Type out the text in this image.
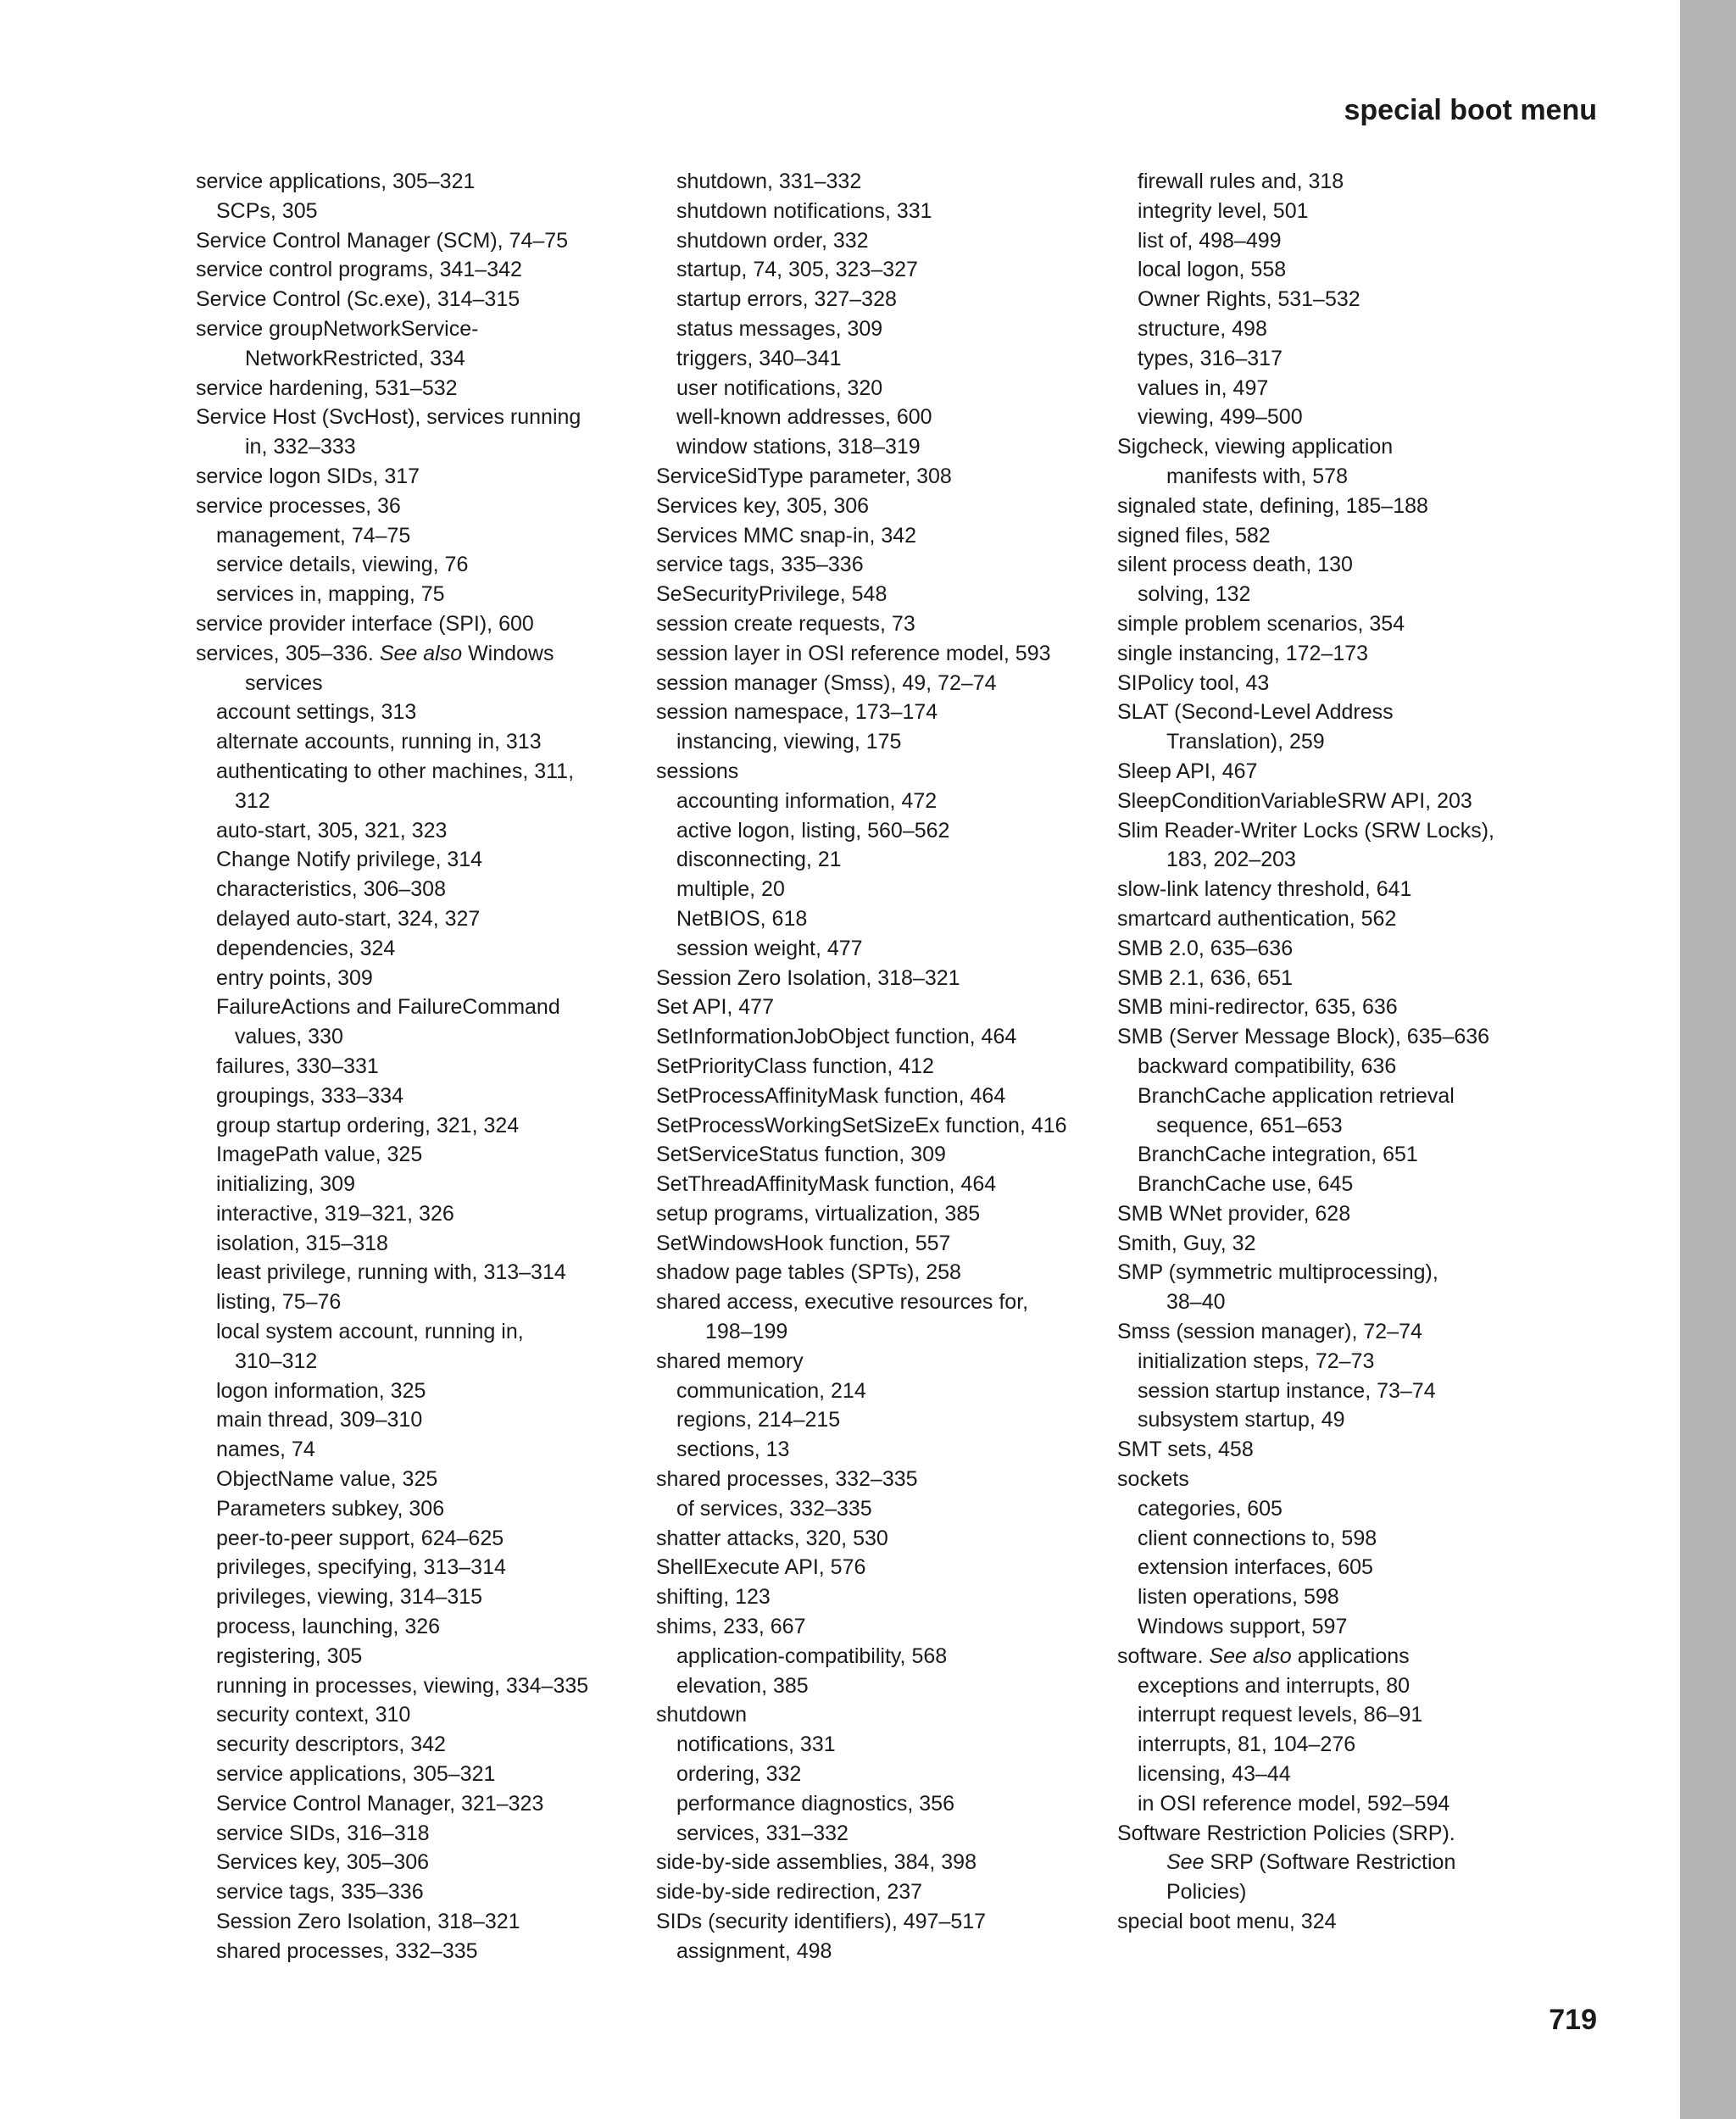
special boot menu
service applications, 305–321
SCPs, 305
Service Control Manager (SCM), 74–75
service control programs, 341–342
Service Control (Sc.exe), 314–315
service groupNetworkService-
NetworkRestricted, 334
service hardening, 531–532
Service Host (SvcHost), services running
in, 332–333
service logon SIDs, 317
service processes, 36
management, 74–75
service details, viewing, 76
services in, mapping, 75
service provider interface (SPI), 600
services, 305–336. See also Windows
services
account settings, 313
alternate accounts, running in, 313
authenticating to other machines, 311,
312
auto-start, 305, 321, 323
Change Notify privilege, 314
characteristics, 306–308
delayed auto-start, 324, 327
dependencies, 324
entry points, 309
FailureActions and FailureCommand
values, 330
failures, 330–331
groupings, 333–334
group startup ordering, 321, 324
ImagePath value, 325
initializing, 309
interactive, 319–321, 326
isolation, 315–318
least privilege, running with, 313–314
listing, 75–76
local system account, running in,
310–312
logon information, 325
main thread, 309–310
names, 74
ObjectName value, 325
Parameters subkey, 306
peer-to-peer support, 624–625
privileges, specifying, 313–314
privileges, viewing, 314–315
process, launching, 326
registering, 305
running in processes, viewing, 334–335
security context, 310
security descriptors, 342
service applications, 305–321
Service Control Manager, 321–323
service SIDs, 316–318
Services key, 305–306
service tags, 335–336
Session Zero Isolation, 318–321
shared processes, 332–335
shutdown, 331–332
shutdown notifications, 331
shutdown order, 332
startup, 74, 305, 323–327
startup errors, 327–328
status messages, 309
triggers, 340–341
user notifications, 320
well-known addresses, 600
window stations, 318–319
ServiceSidType parameter, 308
Services key, 305, 306
Services MMC snap-in, 342
service tags, 335–336
SeSecurityPrivilege, 548
session create requests, 73
session layer in OSI reference model, 593
session manager (Smss), 49, 72–74
session namespace, 173–174
instancing, viewing, 175
sessions
accounting information, 472
active logon, listing, 560–562
disconnecting, 21
multiple, 20
NetBIOS, 618
session weight, 477
Session Zero Isolation, 318–321
Set API, 477
SetInformationJobObject function, 464
SetPriorityClass function, 412
SetProcessAffinityMask function, 464
SetProcessWorkingSetSizeEx function, 416
SetServiceStatus function, 309
SetThreadAffinityMask function, 464
setup programs, virtualization, 385
SetWindowsHook function, 557
shadow page tables (SPTs), 258
shared access, executive resources for,
198–199
shared memory
communication, 214
regions, 214–215
sections, 13
shared processes, 332–335
of services, 332–335
shatter attacks, 320, 530
ShellExecute API, 576
shifting, 123
shims, 233, 667
application-compatibility, 568
elevation, 385
shutdown
notifications, 331
ordering, 332
performance diagnostics, 356
services, 331–332
side-by-side assemblies, 384, 398
side-by-side redirection, 237
SIDs (security identifiers), 497–517
assignment, 498
firewall rules and, 318
integrity level, 501
list of, 498–499
local logon, 558
Owner Rights, 531–532
structure, 498
types, 316–317
values in, 497
viewing, 499–500
Sigcheck, viewing application
manifests with, 578
signaled state, defining, 185–188
signed files, 582
silent process death, 130
solving, 132
simple problem scenarios, 354
single instancing, 172–173
SIPolicy tool, 43
SLAT (Second-Level Address
Translation), 259
Sleep API, 467
SleepConditionVariableSRW API, 203
Slim Reader-Writer Locks (SRW Locks),
183, 202–203
slow-link latency threshold, 641
smartcard authentication, 562
SMB 2.0, 635–636
SMB 2.1, 636, 651
SMB mini-redirector, 635, 636
SMB (Server Message Block), 635–636
backward compatibility, 636
BranchCache application retrieval
sequence, 651–653
BranchCache integration, 651
BranchCache use, 645
SMB WNet provider, 628
Smith, Guy, 32
SMP (symmetric multiprocessing),
38–40
Smss (session manager), 72–74
initialization steps, 72–73
session startup instance, 73–74
subsystem startup, 49
SMT sets, 458
sockets
categories, 605
client connections to, 598
extension interfaces, 605
listen operations, 598
Windows support, 597
software. See also applications
exceptions and interrupts, 80
interrupt request levels, 86–91
interrupts, 81, 104–276
licensing, 43–44
in OSI reference model, 592–594
Software Restriction Policies (SRP).
See SRP (Software Restriction
Policies)
special boot menu, 324
719
